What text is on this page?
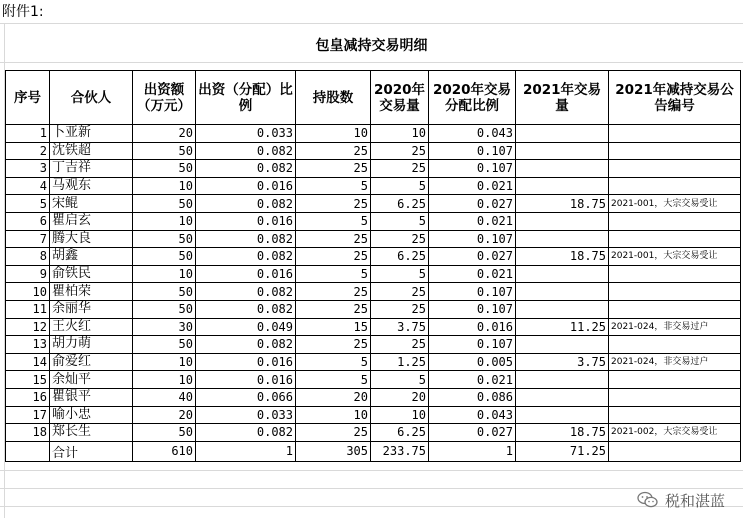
附件1:
包皇减持交易明细
序号	合伙人	出资额（万元）	出资（分配）比例	持股数	2020年交易量	2020年交易分配比例	2021年交易量	2021年减持交易公告编号
1	卜亚新	20	0.033	10	10	0.043		
2	沈铁超	50	0.082	25	25	0.107		
3	丁吉祥	50	0.082	25	25	0.107		
4	马观东	10	0.016	5	5	0.021		
5	宋鲲	50	0.082	25	6.25	0.027	18.75	2021-001，大宗交易受让
6	瞿启玄	10	0.016	5	5	0.021		
7	腾大良	50	0.082	25	25	0.107		
8	胡鑫	50	0.082	25	6.25	0.027	18.75	2021-001，大宗交易受让
9	俞铁民	10	0.016	5	5	0.021		
10	瞿柏荣	50	0.082	25	25	0.107		
11	余丽华	50	0.082	25	25	0.107		
12	王火红	30	0.049	15	3.75	0.016	11.25	2021-024，非交易过户
13	胡力萌	50	0.082	25	25	0.107		
14	俞爱红	10	0.016	5	1.25	0.005	3.75	2021-024，非交易过户
15	余灿平	10	0.016	5	5	0.021		
16	瞿银平	40	0.066	20	20	0.086		
17	喻小忠	20	0.033	10	10	0.043		
18	郑长生	50	0.082	25	6.25	0.027	18.75	2021-002，大宗交易受让
	合计	610	1	305	233.75	1	71.25	
税和湛蓝
